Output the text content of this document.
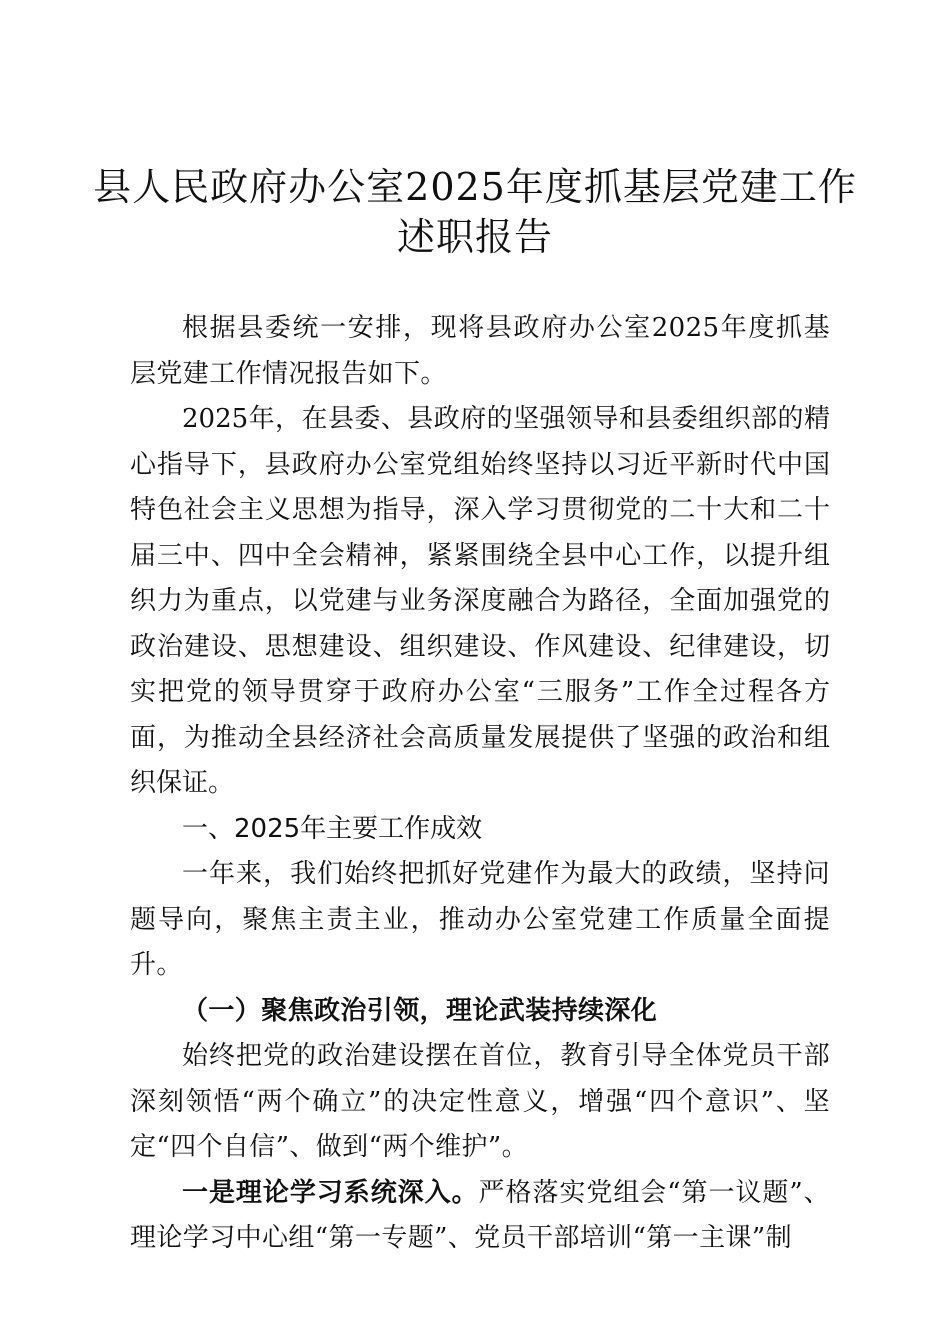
县人民政府办公室2025年度抓基层党建工作
述职报告

根据县委统一安排，现将县政府办公室2025年度抓基层党建工作情况报告如下。

2025年，在县委、县政府的坚强领导和县委组织部的精心指导下，县政府办公室党组始终坚持以习近平新时代中国特色社会主义思想为指导，深入学习贯彻党的二十大和二十届三中、四中全会精神，紧紧围绕全县中心工作，以提升组织力为重点，以党建与业务深度融合为路径，全面加强党的政治建设、思想建设、组织建设、作风建设、纪律建设，切实把党的领导贯穿于政府办公室“三服务”工作全过程各方面，为推动全县经济社会高质量发展提供了坚强的政治和组织保证。

一、2025年主要工作成效

一年来，我们始终把抓好党建作为最大的政绩，坚持问题导向，聚焦主责主业，推动办公室党建工作质量全面提升。

（一）聚焦政治引领，理论武装持续深化

始终把党的政治建设摆在首位，教育引导全体党员干部深刻领悟“两个确立”的决定性意义，增强“四个意识”、坚定“四个自信”、做到“两个维护”。

一是理论学习系统深入。严格落实党组会“第一议题”、理论学习中心组“第一专题”、党员干部培训“第一主课”制
